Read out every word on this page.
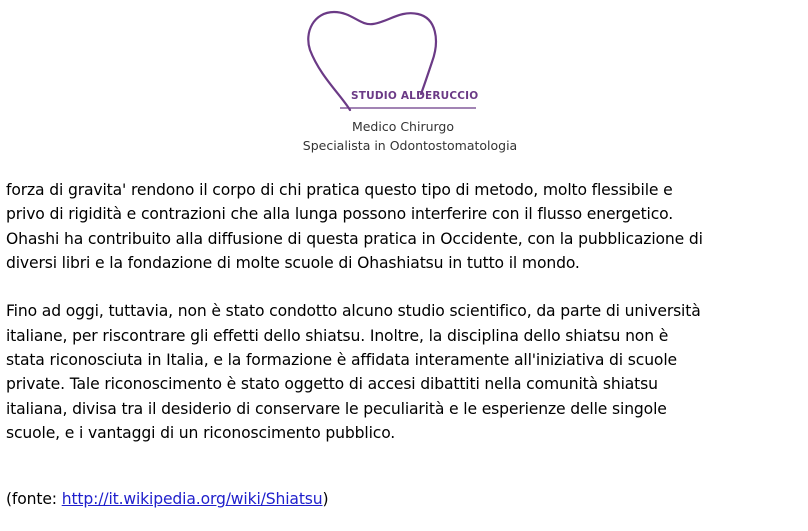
STUDIO ALDERUCCIO
Medico Chirurgo
Specialista in Odontostomatologia
forza di gravita' rendono il corpo di chi pratica questo tipo di metodo, molto flessibile e
privo di rigidità e contrazioni che alla lunga possono interferire con il flusso energetico.
Ohashi ha contribuito alla diffusione di questa pratica in Occidente, con la pubblicazione di
diversi libri e la fondazione di molte scuole di Ohashiatsu in tutto il mondo.
Fino ad oggi, tuttavia, non è stato condotto alcuno studio scientifico, da parte di università
italiane, per riscontrare gli effetti dello shiatsu. Inoltre, la disciplina dello shiatsu non è
stata riconosciuta in Italia, e la formazione è affidata interamente all'iniziativa di scuole
private. Tale riconoscimento è stato oggetto di accesi dibattiti nella comunità shiatsu
italiana, divisa tra il desiderio di conservare le peculiarità e le esperienze delle singole
scuole, e i vantaggi di un riconoscimento pubblico.
(fonte: http://it.wikipedia.org/wiki/Shiatsu)
